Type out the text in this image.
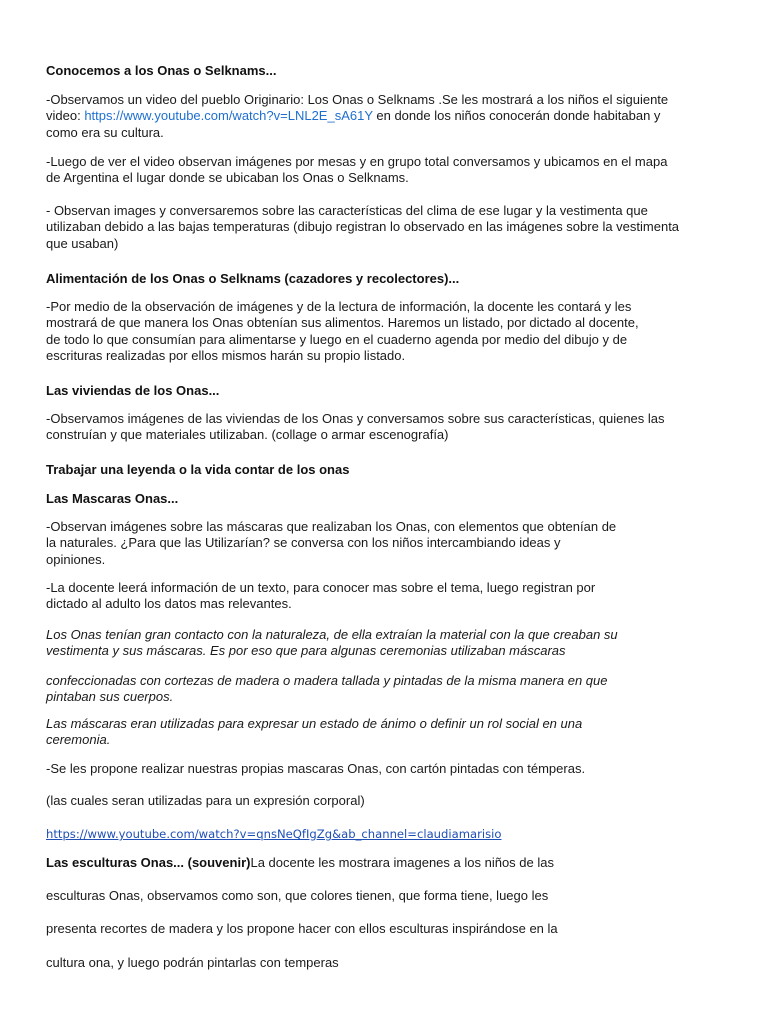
Conocemos a los Onas o Selknams...

-Observamos un video del pueblo Originario: Los Onas o Selknams .Se les mostrará a los niños el siguiente
video: https://www.youtube.com/watch?v=LNL2E_sA61Y en donde los niños conocerán donde habitaban y
como era su cultura.
-Luego de ver el video observan imágenes por mesas y en grupo total conversamos y ubicamos en el mapa
de Argentina el lugar donde se ubicaban los Onas o Selknams.
- Observan images y conversaremos sobre las características del clima de ese lugar y la vestimenta que
utilizaban debido a las bajas temperaturas (dibujo registran lo observado en las imágenes sobre la vestimenta
que usaban)

Alimentación de los Onas o Selknams (cazadores y recolectores)...

-Por medio de la observación de imágenes y de la lectura de información, la docente les contará y les
mostrará de que manera los Onas obtenían sus alimentos. Haremos un listado, por dictado al docente,
de todo lo que consumían para alimentarse y luego en el cuaderno agenda por medio del dibujo y de
escrituras realizadas por ellos mismos harán su propio listado.

Las viviendas de los Onas...

-Observamos imágenes de las viviendas de los Onas y conversamos sobre sus características, quienes las
construían y que materiales utilizaban. (collage o armar escenografía)

Trabajar una leyenda o la vida contar de los onas

Las Mascaras Onas...

-Observan imágenes sobre las máscaras que realizaban los Onas, con elementos que obtenían de
la naturales. ¿Para que las Utilizarían? se conversa con los niños intercambiando ideas y
opiniones.
-La docente leerá información de un texto, para conocer mas sobre el tema, luego registran por
dictado al adulto los datos mas relevantes.
Los Onas tenían gran contacto con la naturaleza, de ella extraían la material con la que creaban su
vestimenta y sus máscaras. Es por eso que para algunas ceremonias utilizaban máscaras
confeccionadas con cortezas de madera o madera tallada y pintadas de la misma manera en que
pintaban sus cuerpos.
Las máscaras eran utilizadas para expresar un estado de ánimo o definir un rol social en una
ceremonia.

-Se les propone realizar nuestras propias mascaras Onas, con cartón pintadas con témperas.

(las cuales seran utilizadas para un expresión corporal)

https://www.youtube.com/watch?v=qnsNeQfIgZg&ab_channel=claudiamarisio

Las esculturas Onas... (souvenir)La docente les mostrara imagenes a los niños de las

esculturas Onas, observamos como son, que colores tienen, que forma tiene, luego les

presenta recortes de madera y los propone hacer con ellos esculturas inspirándose en la

cultura ona, y luego podrán pintarlas con temperas
